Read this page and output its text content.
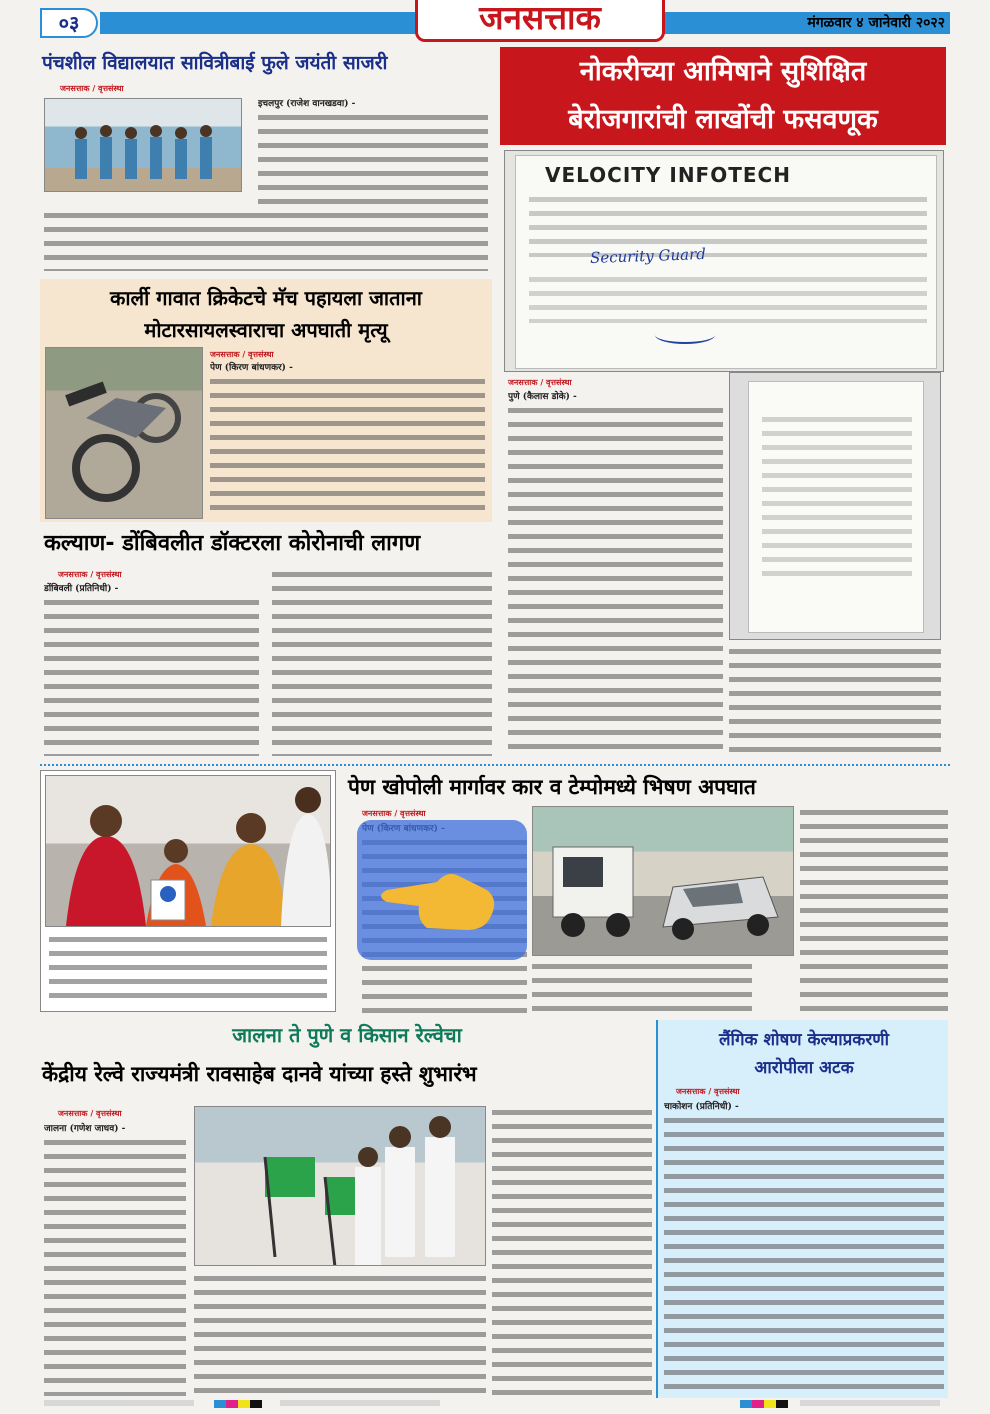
०३	जनसत्ताक	मंगळवार ४ जानेवारी २०२२
पंचशील विद्यालयात सावित्रीबाई फुले जयंती साजरी
जनसत्ताक / वृत्तसंस्था
इचलपुर (राजेश वानखडवा) -
नोकरीच्या आमिषाने सुशिक्षित
बेरोजगारांची लाखोंची फसवणूक
VELOCITY INFOTECH
Security Guard
जनसत्ताक / वृत्तसंस्था
पुणे (कैलास डोके) -
कार्ली गावात क्रिकेटचे मॅच पहायला जाताना
मोटारसायलस्वाराचा अपघाती मृत्यू
जनसत्ताक / वृत्तसंस्था
पेण (किरण बांधणकर) -
कल्याण- डोंबिवलीत डॉक्टरला कोरोनाची लागण
जनसत्ताक / वृत्तसंस्था
डोंबिवली (प्रतिनिधी) -
पेण खोपोली मार्गावर कार व टेम्पोमध्ये भिषण अपघात
जनसत्ताक / वृत्तसंस्था
जालना ते पुणे व किसान रेल्वेचा
केंद्रीय रेल्वे राज्यमंत्री रावसाहेब दानवे यांच्या हस्ते शुभारंभ
जनसत्ताक / वृत्तसंस्था
जालना (गणेश जाधव) -
लैंगिक शोषण केल्याप्रकरणी
आरोपीला अटक
जनसत्ताक / वृत्तसंस्था
चाकोशन (प्रतिनिधी) -
